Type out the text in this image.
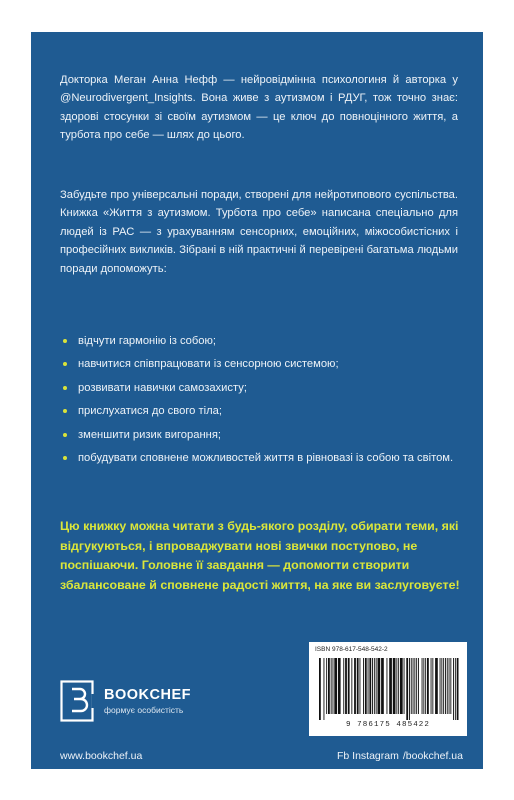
Докторка Меган Анна Нефф — нейровідмінна психологиня й авторка у @Neurodivergent_Insights. Вона живе з аутизмом і РДУГ, тож точно знає: здорові стосунки зі своїм аутизмом — це ключ до повноцінного життя, а турбота про себе — шлях до цього.

Забудьте про універсальні поради, створені для нейротипового суспільства. Книжка «Життя з аутизмом. Турбота про себе» написана спеціально для людей із РАС — з урахуванням сенсорних, емоційних, міжособистісних і професійних викликів. Зібрані в ній практичні й перевірені багатьма людьми поради допоможуть:

відчути гармонію із собою;
навчитися співпрацювати із сенсорною системою;
розвивати навички самозахисту;
прислухатися до свого тіла;
зменшити ризик вигорання;
побудувати сповнене можливостей життя в рівновазі із собою та світом.

Цю книжку можна читати з будь-якого розділу, обирати теми, які відгукуються, і впроваджувати нові звички поступово, не поспішаючи. Головне її завдання — допомогти створити збалансоване й сповнене радості життя, на яке ви заслуговуєте!

BOOKCHEF
формує особистість
ISBN 978-617-548-542-2
9 786175 485422
www.bookchef.ua	Fb Instagram /bookchef.ua
